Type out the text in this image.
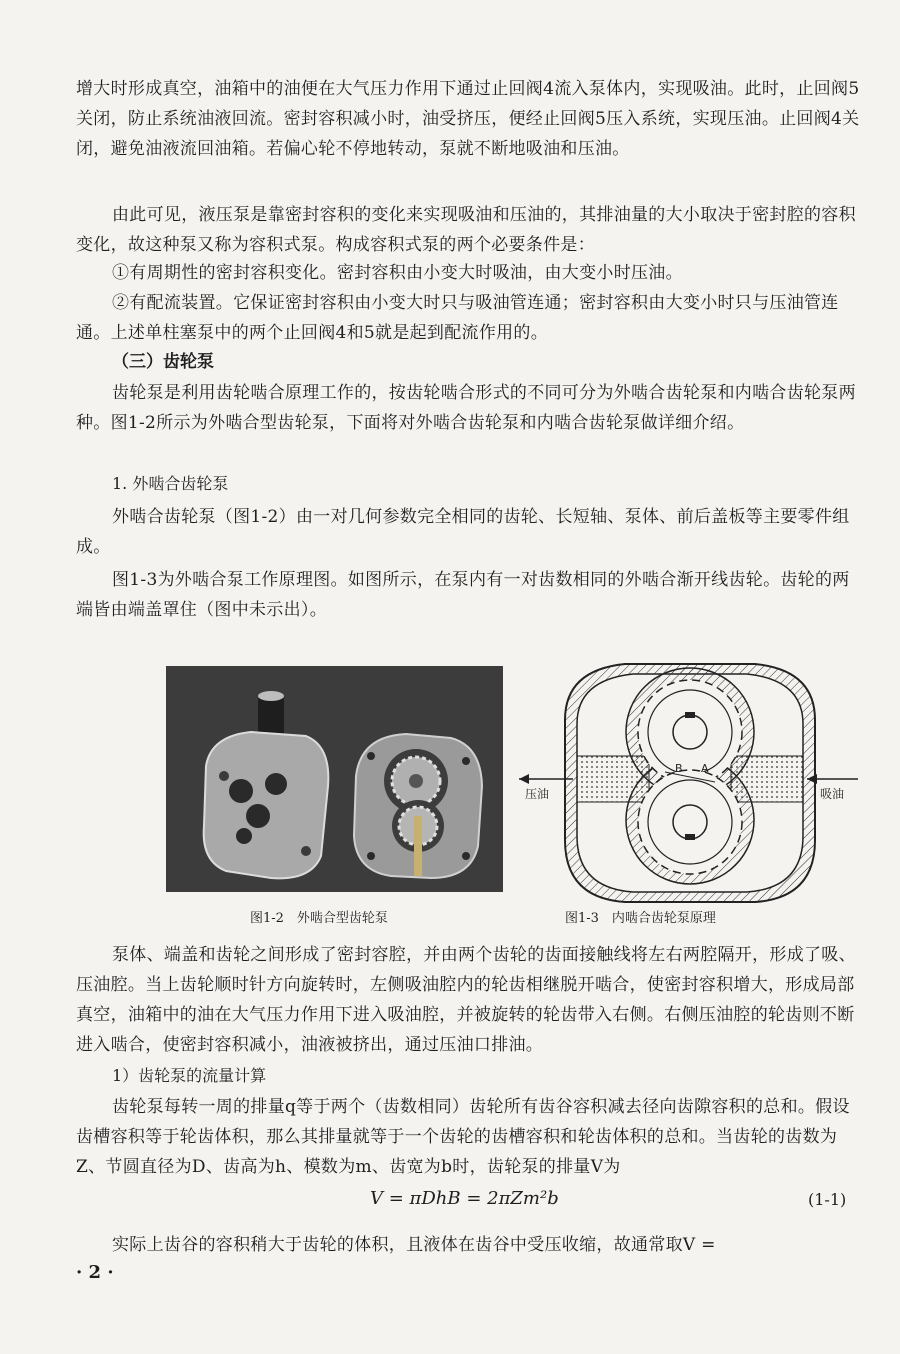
增大时形成真空，油箱中的油便在大气压力作用下通过止回阀4流入泵体内，实现吸油。此时，止回阀5关闭，防止系统油液回流。密封容积减小时，油受挤压，便经止回阀5压入系统，实现压油。止回阀4关闭，避免油液流回油箱。若偏心轮不停地转动，泵就不断地吸油和压油。

由此可见，液压泵是靠密封容积的变化来实现吸油和压油的，其排油量的大小取决于密封腔的容积变化，故这种泵又称为容积式泵。构成容积式泵的两个必要条件是：

①有周期性的密封容积变化。密封容积由小变大时吸油，由大变小时压油。

②有配流装置。它保证密封容积由小变大时只与吸油管连通；密封容积由大变小时只与压油管连通。上述单柱塞泵中的两个止回阀4和5就是起到配流作用的。

（三）齿轮泵

齿轮泵是利用齿轮啮合原理工作的，按齿轮啮合形式的不同可分为外啮合齿轮泵和内啮合齿轮泵两种。图1-2所示为外啮合型齿轮泵，下面将对外啮合齿轮泵和内啮合齿轮泵做详细介绍。

1. 外啮合齿轮泵

外啮合齿轮泵（图1-2）由一对几何参数完全相同的齿轮、长短轴、泵体、前后盖板等主要零件组成。

图1-3为外啮合泵工作原理图。如图所示，在泵内有一对齿数相同的外啮合渐开线齿轮。齿轮的两端皆由端盖罩住（图中未示出）。

压油	吸油
B A
图1-2　外啮合型齿轮泵	图1-3　内啮合齿轮泵原理

泵体、端盖和齿轮之间形成了密封容腔，并由两个齿轮的齿面接触线将左右两腔隔开，形成了吸、压油腔。当上齿轮顺时针方向旋转时，左侧吸油腔内的轮齿相继脱开啮合，使密封容积增大，形成局部真空，油箱中的油在大气压力作用下进入吸油腔，并被旋转的轮齿带入右侧。右侧压油腔的轮齿则不断进入啮合，使密封容积减小，油液被挤出，通过压油口排油。

1）齿轮泵的流量计算

齿轮泵每转一周的排量q等于两个（齿数相同）齿轮所有齿谷容积减去径向齿隙容积的总和。假设齿槽容积等于轮齿体积，那么其排量就等于一个齿轮的齿槽容积和轮齿体积的总和。当齿轮的齿数为Z、节圆直径为D、齿高为h、模数为m、齿宽为b时，齿轮泵的排量V为

V = πDhB = 2πZm²b	(1-1)

实际上齿谷的容积稍大于齿轮的体积，且液体在齿谷中受压收缩，故通常取V =

· 2 ·
